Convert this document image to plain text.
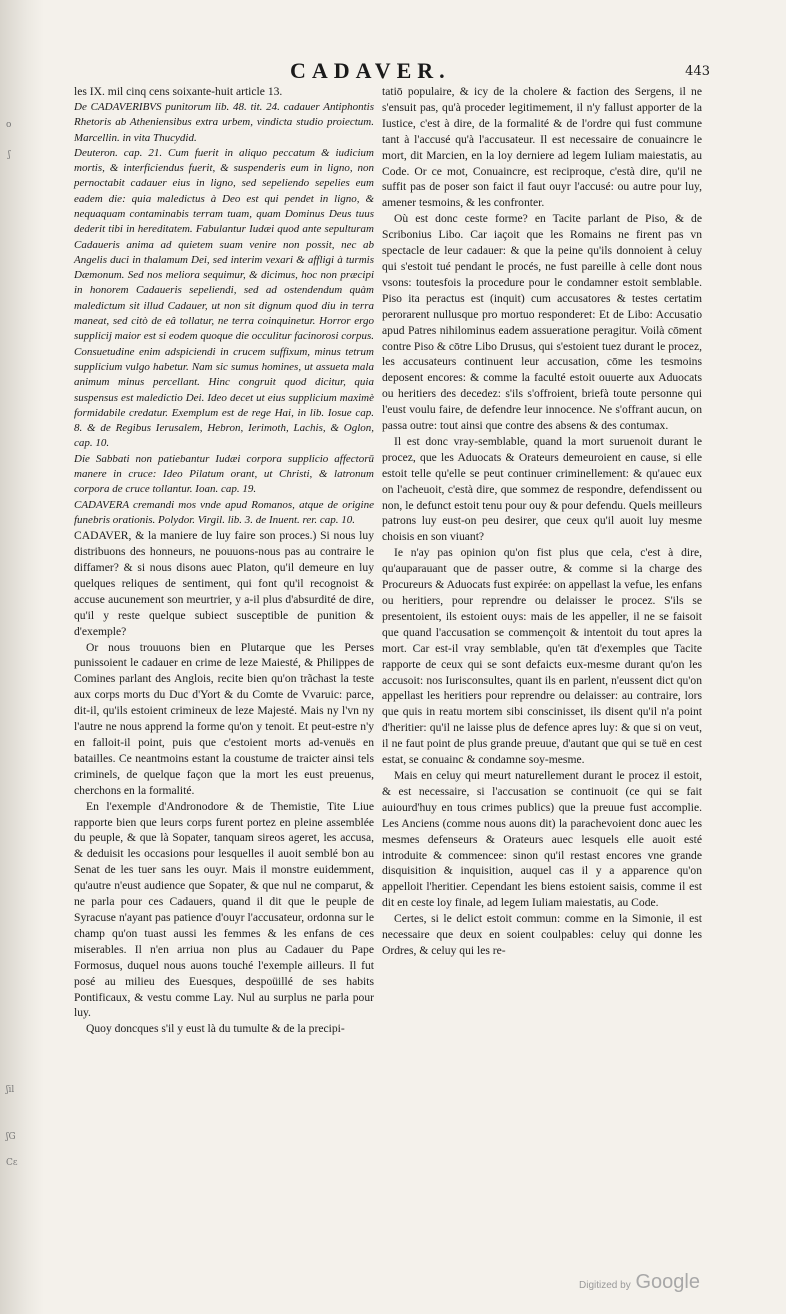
o
ʃ
ʃil
ʃG
Cɛ
CADAVER.	443

les IX. mil cinq cens soixante-huit article 13.

De CADAVERIBVS punitorum lib. 48. tit. 24. cadauer Antiphontis Rhetoris ab Atheniensibus extra urbem, vindicta studio proiectum. Marcellin. in vita Thucydid.

Deuteron. cap. 21. Cum fuerit in aliquo peccatum & iudicium mortis, & interficiendus fuerit, & suspenderis eum in ligno, non pernoctabit cadauer eius in ligno, sed sepeliendo sepelies eum eadem die: quia maledictus à Deo est qui pendet in ligno, & nequaquam contaminabis terram tuam, quam Dominus Deus tuus dederit tibi in hereditatem. Fabulantur Iudæi quod ante sepulturam Cadaueris anima ad quietem suam venire non possit, nec ab Angelis duci in thalamum Dei, sed interim vexari & affligi à turmis Dæmonum. Sed nos meliora sequimur, & dicimus, hoc non præcipi in honorem Cadaueris sepeliendi, sed ad ostendendum quàm maledictum sit illud Cadauer, ut non sit dignum quod diu in terra maneat, sed citò de eâ tollatur, ne terra coinquinetur. Horror ergo supplicij maior est si eodem quoque die occulitur facinorosi corpus. Consuetudine enim adspiciendi in crucem suffixum, minus tetrum supplicium vulgo habetur. Nam sic sumus homines, ut assueta mala animum minus percellant. Hinc congruit quod dicitur, quia suspensus est maledictio Dei. Ideo decet ut eius supplicium maximè formidabile credatur. Exemplum est de rege Hai, in lib. Iosue cap. 8. & de Regibus Ierusalem, Hebron, Ierimoth, Lachis, & Oglon, cap. 10.

Die Sabbati non patiebantur Iudæi corpora supplicio affectorū manere in cruce: Ideo Pilatum orant, ut Christi, & latronum corpora de cruce tollantur. Ioan. cap. 19.

CADAVERA cremandi mos vnde apud Romanos, atque de origine funebris orationis. Polydor. Virgil. lib. 3. de Inuent. rer. cap. 10.

CADAVER, & la maniere de luy faire son proces.) Si nous luy distribuons des honneurs, ne pouuons-nous pas au contraire le diffamer? & si nous disons auec Platon, qu'il demeure en luy quelques reliques de sentiment, qui font qu'il recognoist & accuse aucunement son meurtrier, y a-il plus d'absurdité de dire, qu'il y reste quelque subiect susceptible de punition & d'exemple?

Or nous trouuons bien en Plutarque que les Perses punissoient le cadauer en crime de leze Maiesté, & Philippes de Comines parlant des Anglois, recite bien qu'on trãchast la teste aux corps morts du Duc d'Yort & du Comte de Vvaruic: parce, dit-il, qu'ils estoient crimineux de leze Majesté. Mais ny l'vn ny l'autre ne nous apprend la forme qu'on y tenoit. Et peut-estre n'y en falloit-il point, puis que c'estoient morts ad-venuës en batailles. Ce neantmoins estant la coustume de traicter ainsi tels criminels, de quelque façon que la mort les eust preuenus, cherchons en la formalité.

En l'exemple d'Andronodore & de Themistie, Tite Liue rapporte bien que leurs corps furent portez en pleine assemblée du peuple, & que là Sopater, tanquam sireos ageret, les accusa, & deduisit les occasions pour lesquelles il auoit semblé bon au Senat de les tuer sans les ouyr. Mais il monstre euidemment, qu'autre n'eust audience que Sopater, & que nul ne comparut, & ne parla pour ces Cadauers, quand il dit que le peuple de Syracuse n'ayant pas patience d'ouyr l'accusateur, ordonna sur le champ qu'on tuast aussi les femmes & les enfans de ces miserables. Il n'en arriua non plus au Cadauer du Pape Formosus, duquel nous auons touché l'exemple ailleurs. Il fut posé au milieu des Euesques, despoüillé de ses habits Pontificaux, & vestu comme Lay. Nul au surplus ne parla pour luy.

Quoy doncques s'il y eust là du tumulte & de la precipi-

tatiō populaire, & icy de la cholere & faction des Sergens, il ne s'ensuit pas, qu'à proceder legitimement, il n'y fallust apporter de la Iustice, c'est à dire, de la formalité & de l'ordre qui fust commune tant à l'accusé qu'à l'accusateur. Il est necessaire de conuaincre le mort, dit Marcien, en la loy derniere ad legem Iuliam maiestatis, au Code. Or ce mot, Conuaincre, est reciproque, c'està dire, qu'il ne suffit pas de poser son faict il faut ouyr l'accusé: ou autre pour luy, amener tesmoins, & les confronter.

Où est donc ceste forme? en Tacite parlant de Piso, & de Scribonius Libo. Car iaçoit que les Romains ne firent pas vn spectacle de leur cadauer: & que la peine qu'ils donnoient à celuy qui s'estoit tué pendant le procés, ne fust pareille à celle dont nous vsons: toutesfois la procedure pour le condamner estoit semblable. Piso ita peractus est (inquit) cum accusatores & testes certatim perorarent nullusque pro mortuo responderet: Et de Libo: Accusatio apud Patres nihilominus eadem assueratione peragitur. Voilà cōment contre Piso & cōtre Libo Drusus, qui s'estoient tuez durant le procez, les accusateurs continuent leur accusation, cōme les tesmoins deposent encores: & comme la faculté estoit ouuerte aux Aduocats ou heritiers des decedez: s'ils s'offroient, briefà toute personne qui l'eust voulu faire, de defendre leur innocence. Ne s'offrant aucun, on passa outre: tout ainsi que contre des absens & des contumax.

Il est donc vray-semblable, quand la mort suruenoit durant le procez, que les Aduocats & Orateurs demeuroient en cause, si elle estoit telle qu'elle se peut continuer criminellement: & qu'auec eux on l'acheuoit, c'està dire, que sommez de respondre, defendissent ou non, le defunct estoit tenu pour ouy & pour defendu. Quels meilleurs patrons luy eust-on peu desirer, que ceux qu'il auoit luy mesme choisis en son viuant?

Ie n'ay pas opinion qu'on fist plus que cela, c'est à dire, qu'auparauant que de passer outre, & comme si la charge des Procureurs & Aduocats fust expirée: on appellast la vefue, les enfans ou heritiers, pour reprendre ou delaisser le procez. S'ils se presentoient, ils estoient ouys: mais de les appeller, il ne se faisoit que quand l'accusation se commençoit & intentoit du tout apres la mort. Car est-il vray semblable, qu'en tāt d'exemples que Tacite rapporte de ceux qui se sont defaicts eux-mesme durant qu'on les accusoit: nos Iurisconsultes, quant ils en parlent, n'eussent dict qu'on appellast les heritiers pour reprendre ou delaisser: au contraire, lors que quis in reatu mortem sibi conscinisset, ils disent qu'il n'a point d'heritier: qu'il ne laisse plus de defence apres luy: & que si on veut, il ne faut point de plus grande preuue, d'autant que qui se tuë en cest estat, se conuainc & condamne soy-mesme.

Mais en celuy qui meurt naturellement durant le procez il estoit, & est necessaire, si l'accusation se continuoit (ce qui se fait auiourd'huy en tous crimes publics) que la preuue fust accomplie. Les Anciens (comme nous auons dit) la parachevoient donc auec les mesmes defenseurs & Orateurs auec lesquels elle auoit esté introduite & commencee: sinon qu'il restast encores vne grande disquisition & inquisition, auquel cas il y a apparence qu'on appelloit l'heritier. Cependant les biens estoient saisis, comme il est dit en ceste loy finale, ad legem Iuliam maiestatis, au Code.

Certes, si le delict estoit commun: comme en la Simonie, il est necessaire que deux en soient coulpables: celuy qui donne les Ordres, & celuy qui les re-

Digitized by Google
